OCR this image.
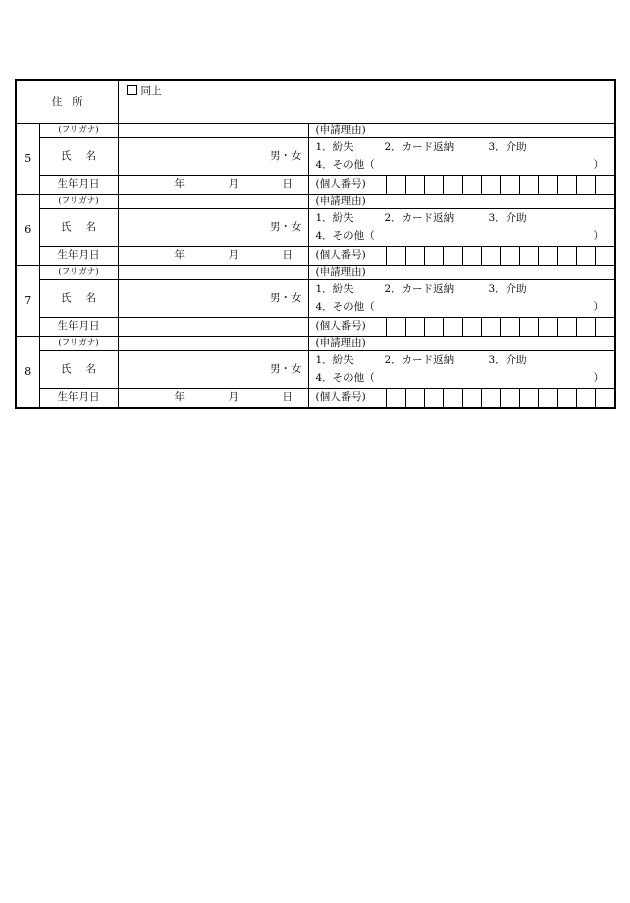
住所		同上		
5	(フリガナ)		(申請理由)	
	氏 名	男・女	1．紛失 2．カード返納 3．介助
4．その他（ ）	

	生年月日	年 月 日	(個人番号)	

6	(フリガナ)		(申請理由)	
	氏 名	男・女	1．紛失 2．カード返納 3．介助
4．その他（ ）	

	生年月日	年 月 日	(個人番号)	

7	(フリガナ)		(申請理由)	
	氏 名	男・女	1．紛失 2．カード返納 3．介助
4．その他（ ）	

	生年月日		(個人番号)	

8	(フリガナ)		(申請理由)	
	氏 名	男・女	1．紛失 2．カード返納 3．介助
4．その他（ ）	

	生年月日	年 月 日	(個人番号)	
